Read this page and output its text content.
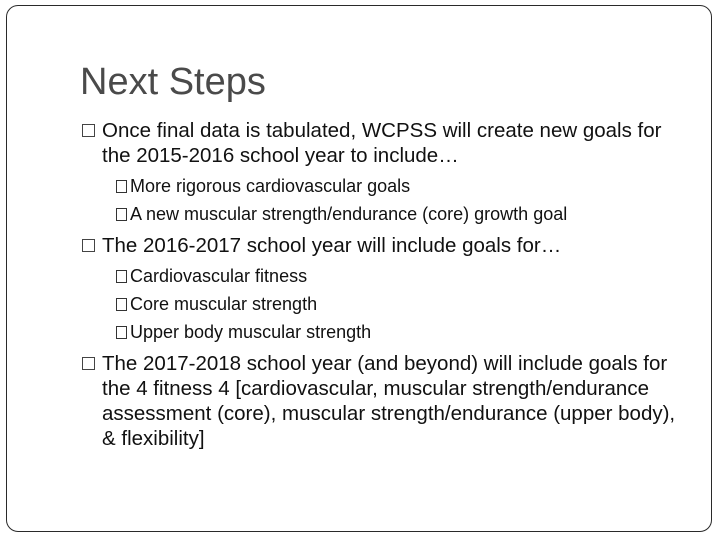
Next Steps
Once final data is tabulated, WCPSS will create new goals for the 2015-2016 school year to include…
More rigorous cardiovascular goals
A new muscular strength/endurance (core) growth goal
The 2016-2017 school year will include goals for…
Cardiovascular fitness
Core muscular strength
Upper body muscular strength
The 2017-2018 school year (and beyond) will include goals for the 4 fitness 4 [cardiovascular, muscular strength/endurance assessment (core), muscular strength/endurance (upper body), & flexibility]
